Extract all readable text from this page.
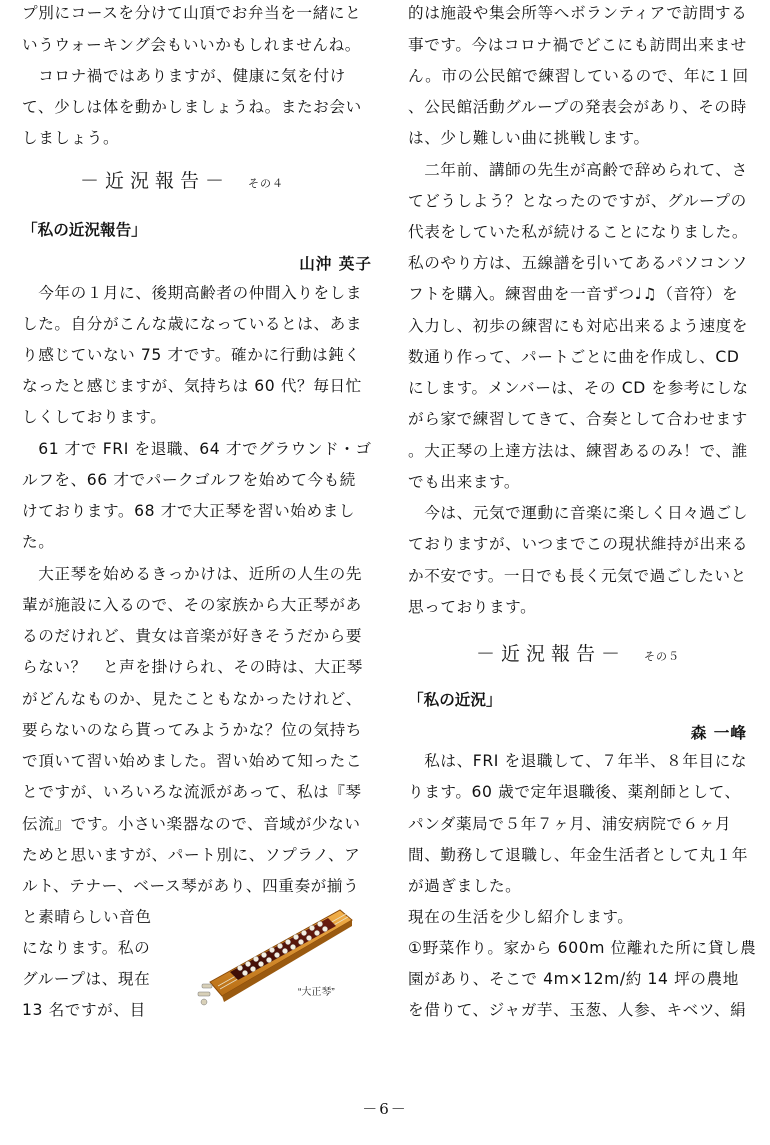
プ別にコースを分けて山頂でお弁当を一緒にと
いうウォーキング会もいいかもしれませんね。
　コロナ禍ではありますが、健康に気を付け
て、少しは体を動かしましょうね。またお会い
しましょう。
－近況報告－ その４
「私の近況報告」
山沖 英子
　今年の１月に、後期高齢者の仲間入りをしま
した。自分がこんな歳になっているとは、あま
り感じていない 75 才です。確かに行動は鈍く
なったと感じますが、気持ちは 60 代？毎日忙
しくしております。
　61 才で FRI を退職、64 才でグラウンド・ゴ
ルフを、66 才でパークゴルフを始めて今も続
けております。68 才で大正琴を習い始めまし
た。
　大正琴を始めるきっかけは、近所の人生の先
輩が施設に入るので、その家族から大正琴があ
るのだけれど、貴女は音楽が好きそうだから要
らない？　と声を掛けられ、その時は、大正琴
がどんなものか、見たこともなかったけれど、
要らないのなら貰ってみようかな？位の気持ち
で頂いて習い始めました。習い始めて知ったこ
とですが、いろいろな流派があって、私は『琴
伝流』です。小さい楽器なので、音域が少ない
ためと思いますが、パート別に、ソプラノ、ア
ルト、テナー、ベース琴があり、四重奏が揃う
と素晴らしい音色
になります。私の
グループは、現在
13 名ですが、目
“大正琴”
的は施設や集会所等へボランティアで訪問する
事です。今はコロナ禍でどこにも訪問出来ませ
ん。市の公民館で練習しているので、年に１回
、公民館活動グループの発表会があり、その時
は、少し難しい曲に挑戦します。
　二年前、講師の先生が高齢で辞められて、さ
てどうしよう？となったのですが、グループの
代表をしていた私が続けることになりました。
私のやり方は、五線譜を引いてあるパソコンソ
フトを購入。練習曲を一音ずつ♩♫（音符）を
入力し、初歩の練習にも対応出来るよう速度を
数通り作って、パートごとに曲を作成し、CD
にします。メンバーは、その CD を参考にしな
がら家で練習してきて、合奏として合わせます
。大正琴の上達方法は、練習あるのみ！で、誰
でも出来ます。
　今は、元気で運動に音楽に楽しく日々過ごし
ておりますが、いつまでこの現状維持が出来る
か不安です。一日でも長く元気で過ごしたいと
思っております。
－近況報告－ その５
「私の近況」
森 一峰
　私は、FRI を退職して、７年半、８年目にな
ります。60 歳で定年退職後、薬剤師として、
パンダ薬局で５年７ヶ月、浦安病院で６ヶ月
間、勤務して退職し、年金生活者として丸１年
が過ぎました。
現在の生活を少し紹介します。
①野菜作り。家から 600m 位離れた所に貸し農
園があり、そこで 4m×12m/約 14 坪の農地
を借りて、ジャガ芋、玉葱、人参、キベツ、絹
－6－
